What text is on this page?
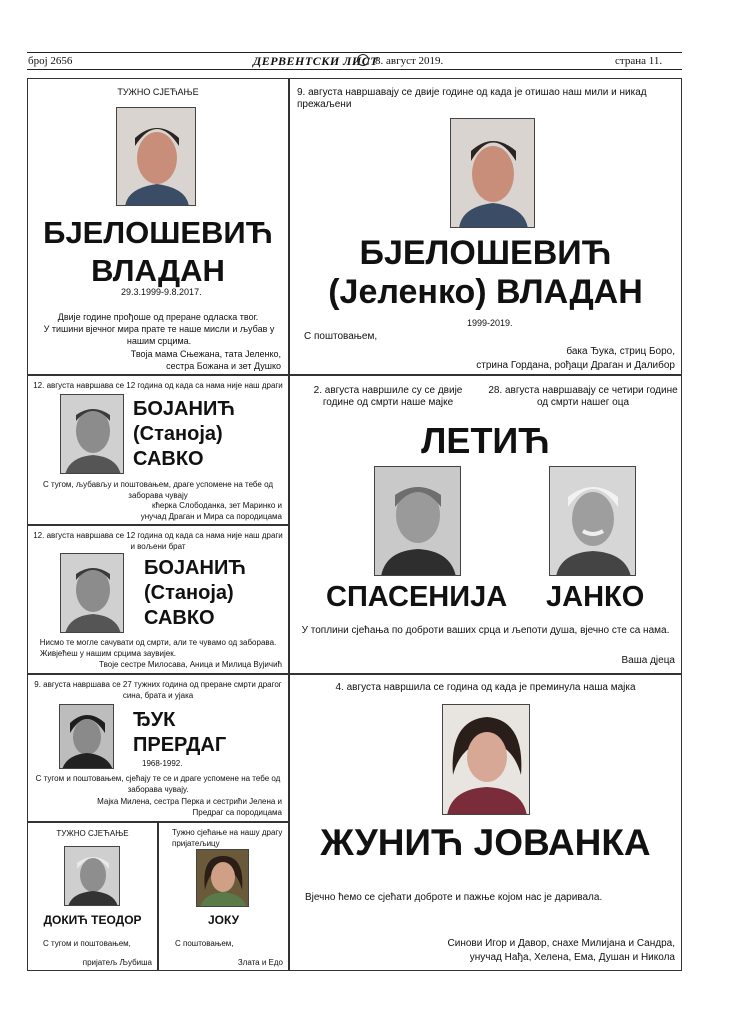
број 2656	ДЕРВЕНТСКИ ЛИСТ
8. август 2019.	страна 11.
ТУЖНО СЈЕЋАЊЕ
БЈЕЛОШЕВИЋ
ВЛАДАН
29.3.1999-9.8.2017.
Двије године прођоше од преране одласка твог.
У тишини вјечног мира прате те наше мисли и љубав у нашим срцима.
Твоја мама Сњежана, тата Јеленко,
сестра Божана и зет Душко
9. августа навршавају се двије године од када је отишао наш мили и никад прежаљени
БЈЕЛОШЕВИЋ
(Јеленко) ВЛАДАН
1999-2019.
С поштовањем,
бака Ђука, стриц Боро,
стрина Гордана, рођаци Драган и Далибор
12. августа навршава се 12 година од када са нама није наш драги
БОЈАНИЋ
(Станоја)
САВКО
С тугом, љубављу и поштовањем, драге успомене на тебе од заборава чувају
кћерка Слободанка, зет Маринко и
унучад Драган и Мира са породицама
12. августа навршава се 12 година од када са нама није наш драги и вољени брат
БОЈАНИЋ
(Станоја)
САВКО
Нисмо те могле сачувати од смрти, али те чувамо од заборава.
Живјећеш у нашим срцима заувијек.
Твоје сестре Милосава, Аница и Милица Вујичић
2. августа навршиле су се двије године од смрти наше мајке
28. августа навршавају се четири године од смрти нашег оца
ЛЕТИЋ
СПАСЕНИЈА ЈАНКО
У топлини сјећања по доброти ваших срца и љепоти душа, вјечно сте са нама.
Ваша дјеца
9. августа навршава се 27 тужних година од преране смрти драгог сина, брата и ујака
ЂУК
ПРЕРДАГ
1968-1992.
С тугом и поштовањем, сјећају те се и драге успомене на тебе од заборава чувају.
Мајка Милена, сестра Перка и сестрићи Јелена и
Предраг са породицама
4. августа навршила се година од када је преминула наша мајка
ЖУНИЋ ЈОВАНКА
Вјечно ћемо се сјећати доброте и пажње којом нас је даривала.
Синови Игор и Давор, снахе Милијана и Сандра,
унучад Нађа, Хелена, Ема, Душан и Никола
ТУЖНО СЈЕЋАЊЕ
ДОКИЋ ТЕОДОР
С тугом и поштовањем,
пријатељ Љубиша
Тужно сјећање на нашу драгу пријатељицу
ЈОКУ
С поштовањем,
Злата и Едо
